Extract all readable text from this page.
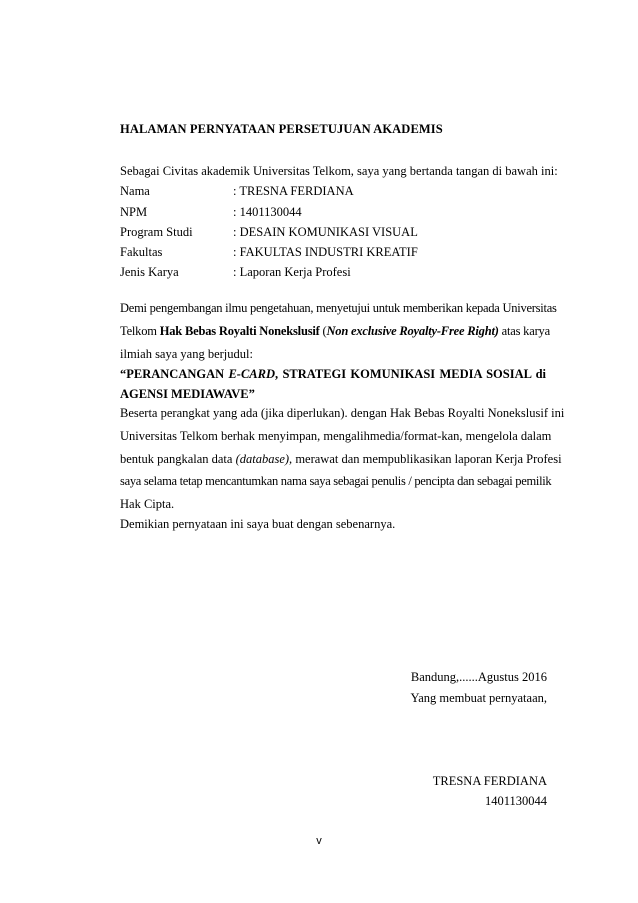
HALAMAN PERNYATAAN PERSETUJUAN AKADEMIS
Sebagai Civitas akademik Universitas Telkom, saya yang bertanda tangan di bawah ini:
Nama	: TRESNA FERDIANA
NPM	: 1401130044
Program Studi	: DESAIN KOMUNIKASI VISUAL
Fakultas	: FAKULTAS INDUSTRI KREATIF
Jenis Karya	: Laporan Kerja Profesi
Demi pengembangan ilmu pengetahuan, menyetujui untuk memberikan kepada Universitas
Telkom Hak Bebas Royalti Nonekslusif (Non exclusive Royalty-Free Right) atas karya
ilmiah saya yang berjudul:
“PERANCANGAN E-CARD, STRATEGI KOMUNIKASI MEDIA SOSIAL di
AGENSI MEDIAWAVE”
Beserta perangkat yang ada (jika diperlukan). dengan Hak Bebas Royalti Nonekslusif ini
Universitas Telkom berhak menyimpan, mengalihmedia/format-kan, mengelola dalam
bentuk pangkalan data (database), merawat dan mempublikasikan laporan Kerja Profesi
saya selama tetap mencantumkan nama saya sebagai penulis / pencipta dan sebagai pemilik
Hak Cipta.
Demikian pernyataan ini saya buat dengan sebenarnya.
Bandung,......Agustus 2016
Yang membuat pernyataan,
TRESNA FERDIANA
1401130044
v
